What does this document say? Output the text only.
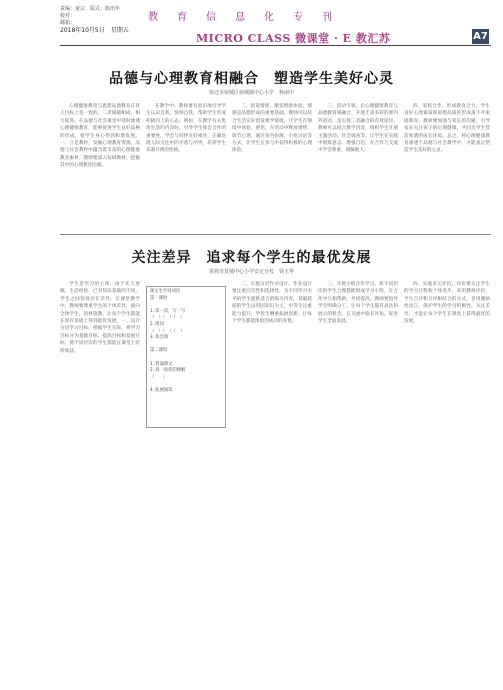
责编：童宗　版式：陈治年
校对：
邮箱：
2018年10月5日　星期五
教育信息化专刊
MICRO CLASS 微课堂 · E 教汇苏	A7
品德与心理教育相融合　塑造学生美好心灵
宿迁市宿城区宿城镇中心小学　杨丽中

心理健康教育与思想品德教育在育人目标上是一致的，二者相辅相成、相互促进。在品德与社会课堂中适时渗透心理健康教育，能够促进学生良好品格的形成，使学生身心得到和谐发展。一、立足教材，发掘心理教育资源。品德与社会教材中蕴含着丰富的心理健康教育素材，教师要深入钻研教材，挖掘其中的心理教育因素。

在教学中，教师要有意识地引导学生认识自我、悦纳自我，帮助学生形成积极向上的心态。例如，在教学有关集体生活的内容时，引导学生体会合作的重要性，学会与同伴友好相处，正确处理人际交往中的矛盾与冲突，培养学生乐观开朗的性格。

二、创设情境，激发情感体验。情感是品德形成的重要基础。教师可以结合生活实际创设教学情境，让学生在情境中体验、感悟，在活动中释放情绪、调节心理。通过角色扮演、小组讨论等方式，让学生在参与中获得积极的心理体验。

三、活动引领，让心理健康教育与品德教育相融合。开展丰富多彩的课内外活动，是实现二者融合的有效途径。教师可以结合教学内容，组织学生开展主题活动、社会调查等，让学生在实践中锻炼意志、增强自信，在合作与交流中学会尊重、理解他人。

四、家校合作，形成教育合力。学生良好心理素质和道德品质的形成离不开家庭教育。教师要加强与家长的沟通，引导家长关注孩子的心理健康，共同为学生营造和谐的成长环境。总之，将心理健康教育渗透于品德与社会教学中，才能真正塑造学生美好的心灵。

关注差异　追求每个学生的最优发展
常熟市莫城中心小学安定分校　钱玉华

学生是学习的主体，由于先天禀赋、生活经验、已有知识基础的不同，学生之间客观存在差异。在课堂教学中，教师要尊重学生的个体差异，面向全体学生，因材施教，让每个学生都能在原有基础上得到最优发展。一、设计分层学习目标。根据学生实际，将学习目标分为基础目标、提高目标和发展目标，使不同层次的学生都能在课堂上有所收获。

课文生字词词语
第一课时

1.读一读，写一写
（　）（　）（　）
2.组词
（　）（　）（　）
3.我会填

第二课时

1.背诵课文
2.说一说你的理解
（　　）

4.拓展阅读

二、实施分层作业设计。作业设计要注重层次性和选择性，为不同学习水平的学生提供适合的练习内容，基础较弱的学生以巩固知识为主，中等生注重能力提升，学优生侧重拓展创新，让每个学生都能体验到成功的喜悦。

三、开展小组合作学习。将不同层次的学生合理搭配组成学习小组，在合作中互相帮助、共同提高。教师要指导学生明确分工，让每个学生都有表达和展示的机会，在交流中取长补短，促进学生全面发展。

四、实施多元评价。评价要关注学生的学习过程和个体进步，采用教师评价、学生自评和互评相结合的方式，多用激励性语言，保护学生的学习积极性。关注差异，才能让每个学生在课堂上获得最优的发展。
